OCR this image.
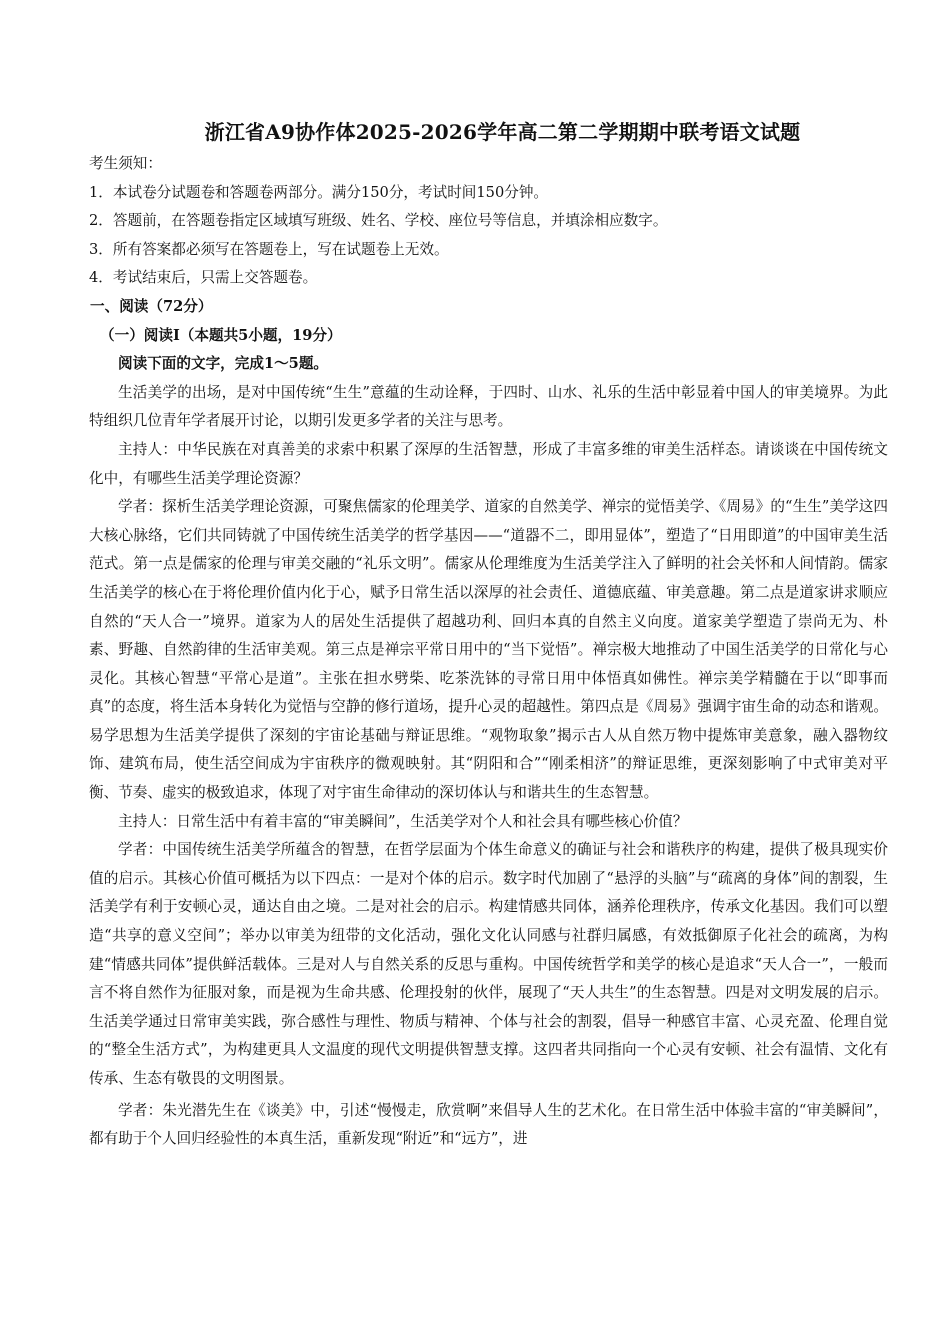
浙江省A9协作体2025-2026学年高二第二学期期中联考语文试题

考生须知：

1．本试卷分试题卷和答题卷两部分。满分150分，考试时间150分钟。

2．答题前，在答题卷指定区域填写班级、姓名、学校、座位号等信息，并填涂相应数字。

3．所有答案都必须写在答题卷上，写在试题卷上无效。

4．考试结束后，只需上交答题卷。

一、阅读（72分）

（一）阅读Ⅰ（本题共5小题，19分）

阅读下面的文字，完成1～5题。

生活美学的出场，是对中国传统“生生”意蕴的生动诠释，于四时、山水、礼乐的生活中彰显着中国人的审美境界。为此特组织几位青年学者展开讨论，以期引发更多学者的关注与思考。

主持人：中华民族在对真善美的求索中积累了深厚的生活智慧，形成了丰富多维的审美生活样态。请谈谈在中国传统文化中，有哪些生活美学理论资源？

学者：探析生活美学理论资源，可聚焦儒家的伦理美学、道家的自然美学、禅宗的觉悟美学、《周易》的“生生”美学这四大核心脉络，它们共同铸就了中国传统生活美学的哲学基因——“道器不二，即用显体”，塑造了“日用即道”的中国审美生活范式。第一点是儒家的伦理与审美交融的“礼乐文明”。儒家从伦理维度为生活美学注入了鲜明的社会关怀和人间情韵。儒家生活美学的核心在于将伦理价值内化于心，赋予日常生活以深厚的社会责任、道德底蕴、审美意趣。第二点是道家讲求顺应自然的“天人合一”境界。道家为人的居处生活提供了超越功利、回归本真的自然主义向度。道家美学塑造了崇尚无为、朴素、野趣、自然韵律的生活审美观。第三点是禅宗平常日用中的“当下觉悟”。禅宗极大地推动了中国生活美学的日常化与心灵化。其核心智慧“平常心是道”。主张在担水劈柴、吃茶洗钵的寻常日用中体悟真如佛性。禅宗美学精髓在于以“即事而真”的态度，将生活本身转化为觉悟与空静的修行道场，提升心灵的超越性。第四点是《周易》强调宇宙生命的动态和谐观。易学思想为生活美学提供了深刻的宇宙论基础与辩证思维。“观物取象”揭示古人从自然万物中提炼审美意象，融入器物纹饰、建筑布局，使生活空间成为宇宙秩序的微观映射。其“阴阳和合”“刚柔相济”的辩证思维，更深刻影响了中式审美对平衡、节奏、虚实的极致追求，体现了对宇宙生命律动的深切体认与和谐共生的生态智慧。

主持人：日常生活中有着丰富的“审美瞬间”，生活美学对个人和社会具有哪些核心价值？

学者：中国传统生活美学所蕴含的智慧，在哲学层面为个体生命意义的确证与社会和谐秩序的构建，提供了极具现实价值的启示。其核心价值可概括为以下四点：一是对个体的启示。数字时代加剧了“悬浮的头脑”与“疏离的身体”间的割裂，生活美学有利于安顿心灵，通达自由之境。二是对社会的启示。构建情感共同体，涵养伦理秩序，传承文化基因。我们可以塑造“共享的意义空间”；举办以审美为纽带的文化活动，强化文化认同感与社群归属感，有效抵御原子化社会的疏离，为构建“情感共同体”提供鲜活载体。三是对人与自然关系的反思与重构。中国传统哲学和美学的核心是追求“天人合一”，一般而言不将自然作为征服对象，而是视为生命共感、伦理投射的伙伴，展现了“天人共生”的生态智慧。四是对文明发展的启示。生活美学通过日常审美实践，弥合感性与理性、物质与精神、个体与社会的割裂，倡导一种感官丰富、心灵充盈、伦理自觉的“整全生活方式”，为构建更具人文温度的现代文明提供智慧支撑。这四者共同指向一个心灵有安顿、社会有温情、文化有传承、生态有敬畏的文明图景。

学者：朱光潜先生在《谈美》中，引述“慢慢走，欣赏啊”来倡导人生的艺术化。在日常生活中体验丰富的“审美瞬间”，都有助于个人回归经验性的本真生活，重新发现“附近”和“远方”，进
